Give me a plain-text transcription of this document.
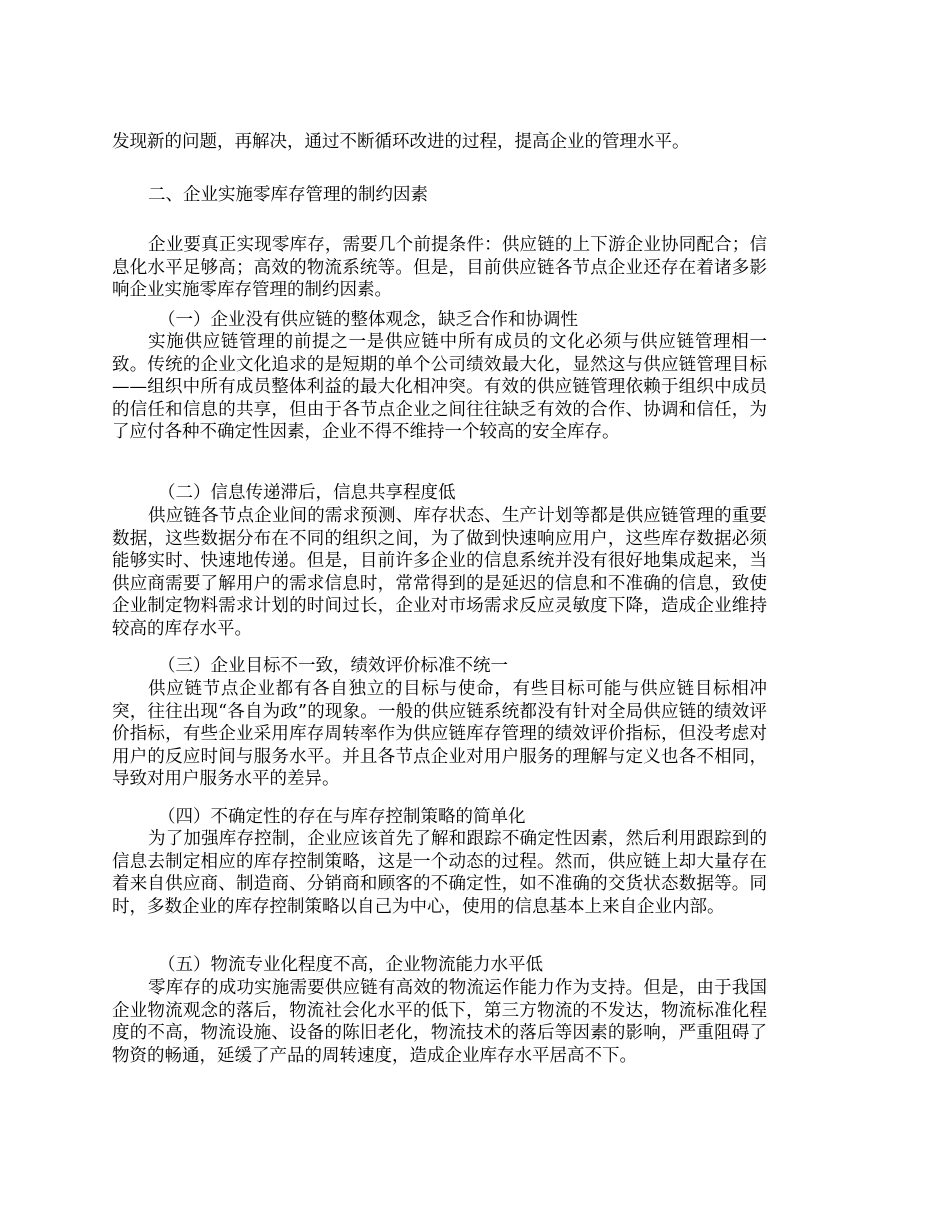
发现新的问题，再解决，通过不断循环改进的过程，提高企业的管理水平。

二、企业实施零库存管理的制约因素

企业要真正实现零库存，需要几个前提条件：供应链的上下游企业协同配合；信息化水平足够高；高效的物流系统等。但是，目前供应链各节点企业还存在着诸多影响企业实施零库存管理的制约因素。

（一）企业没有供应链的整体观念，缺乏合作和协调性

实施供应链管理的前提之一是供应链中所有成员的文化必须与供应链管理相一致。传统的企业文化追求的是短期的单个公司绩效最大化，显然这与供应链管理目标——组织中所有成员整体利益的最大化相冲突。有效的供应链管理依赖于组织中成员的信任和信息的共享，但由于各节点企业之间往往缺乏有效的合作、协调和信任，为了应付各种不确定性因素，企业不得不维持一个较高的安全库存。

（二）信息传递滞后，信息共享程度低

供应链各节点企业间的需求预测、库存状态、生产计划等都是供应链管理的重要数据，这些数据分布在不同的组织之间，为了做到快速响应用户，这些库存数据必须能够实时、快速地传递。但是，目前许多企业的信息系统并没有很好地集成起来，当供应商需要了解用户的需求信息时，常常得到的是延迟的信息和不准确的信息，致使企业制定物料需求计划的时间过长，企业对市场需求反应灵敏度下降，造成企业维持较高的库存水平。

（三）企业目标不一致，绩效评价标准不统一

供应链节点企业都有各自独立的目标与使命，有些目标可能与供应链目标相冲突，往往出现“各自为政”的现象。一般的供应链系统都没有针对全局供应链的绩效评价指标，有些企业采用库存周转率作为供应链库存管理的绩效评价指标，但没考虑对用户的反应时间与服务水平。并且各节点企业对用户服务的理解与定义也各不相同，导致对用户服务水平的差异。

（四）不确定性的存在与库存控制策略的简单化

为了加强库存控制，企业应该首先了解和跟踪不确定性因素，然后利用跟踪到的信息去制定相应的库存控制策略，这是一个动态的过程。然而，供应链上却大量存在着来自供应商、制造商、分销商和顾客的不确定性，如不准确的交货状态数据等。同时，多数企业的库存控制策略以自己为中心，使用的信息基本上来自企业内部。

（五）物流专业化程度不高，企业物流能力水平低

零库存的成功实施需要供应链有高效的物流运作能力作为支持。但是，由于我国企业物流观念的落后，物流社会化水平的低下，第三方物流的不发达，物流标准化程度的不高，物流设施、设备的陈旧老化，物流技术的落后等因素的影响，严重阻碍了物资的畅通，延缓了产品的周转速度，造成企业库存水平居高不下。
